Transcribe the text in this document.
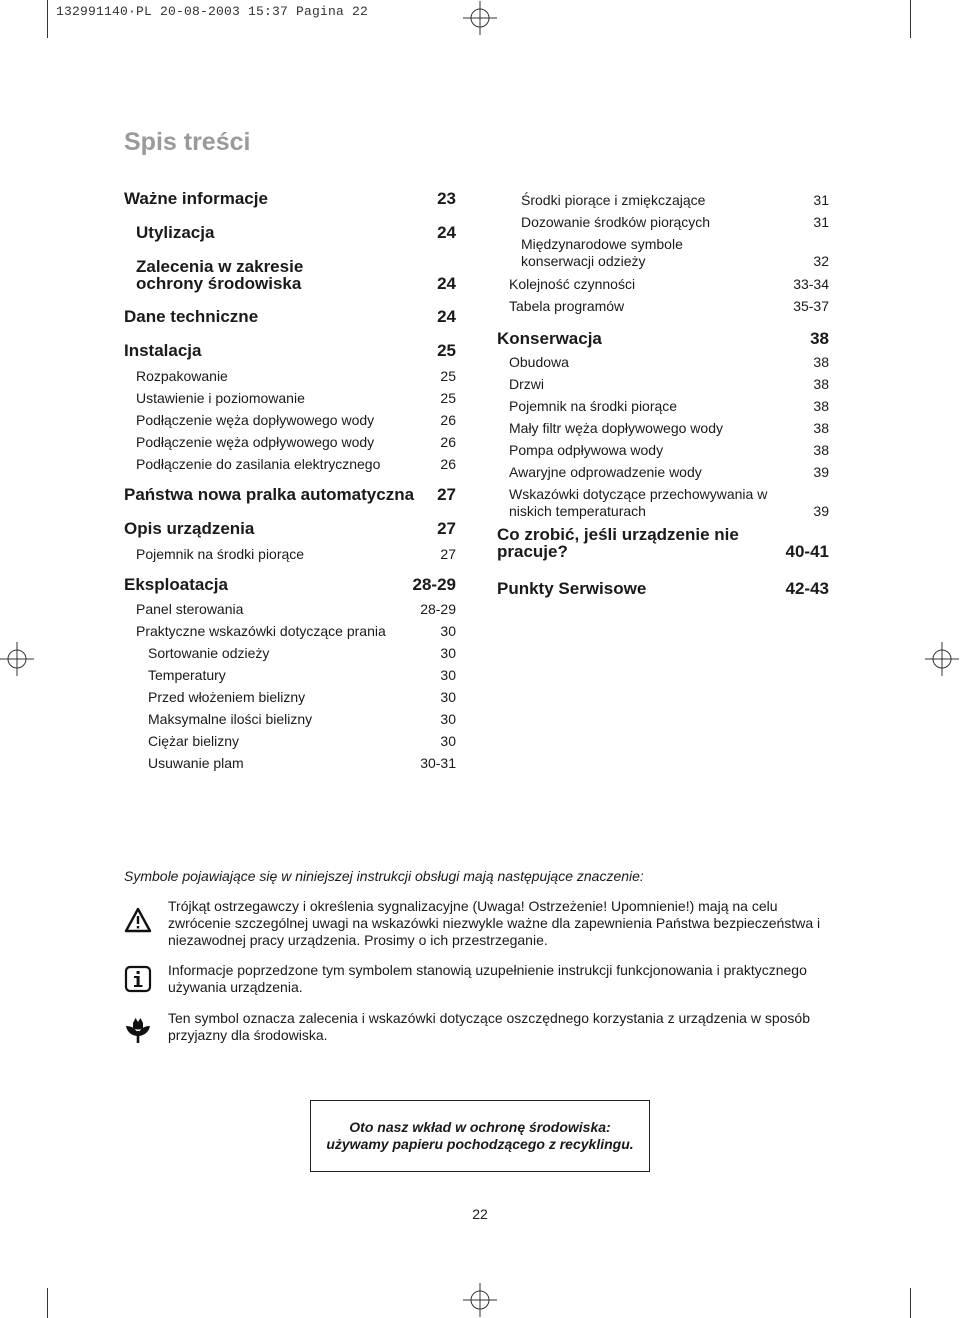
132991140·PL 20-08-2003 15:37 Pagina 22
Spis treści
Ważne informacje	23
Utylizacja	24
Zalecenia w zakresie ochrony środowiska	24
Dane techniczne	24
Instalacja	25
Rozpakowanie	25
Ustawienie i poziomowanie	25
Podłączenie węża dopływowego wody	26
Podłączenie węża odpływowego wody	26
Podłączenie do zasilania elektrycznego	26
Państwa nowa pralka automatyczna	27
Opis urządzenia	27
Pojemnik na środki piorące	27
Eksploatacja	28-29
Panel sterowania	28-29
Praktyczne wskazówki dotyczące prania	30
Sortowanie odzieży	30
Temperatury	30
Przed włożeniem bielizny	30
Maksymalne ilości bielizny	30
Ciężar bielizny	30
Usuwanie plam	30-31
Środki piorące i zmiękczające	31
Dozowanie środków piorących	31
Międzynarodowe symbole konserwacji odzieży	32
Kolejność czynności	33-34
Tabela programów	35-37
Konserwacja	38
Obudowa	38
Drzwi	38
Pojemnik na środki piorące	38
Mały filtr węża dopływowego wody	38
Pompa odpływowa wody	38
Awaryjne odprowadzenie wody	39
Wskazówki dotyczące przechowywania w niskich temperaturach	39
Co zrobić, jeśli urządzenie nie pracuje?	40-41
Punkty Serwisowe	42-43
Symbole pojawiające się w niniejszej instrukcji obsługi mają następujące znaczenie:
Trójkąt ostrzegawczy i określenia sygnalizacyjne (Uwaga! Ostrzeżenie! Upomnienie!) mają na celu zwrócenie szczególnej uwagi na wskazówki niezwykle ważne dla zapewnienia Państwa bezpieczeństwa i niezawodnej pracy urządzenia. Prosimy o ich przestrzeganie.
Informacje poprzedzone tym symbolem stanowią uzupełnienie instrukcji funkcjonowania i praktycznego używania urządzenia.
Ten symbol oznacza zalecenia i wskazówki dotyczące oszczędnego korzystania z urządzenia w sposób przyjazny dla środowiska.
Oto nasz wkład w ochronę środowiska: używamy papieru pochodzącego z recyklingu.
22
